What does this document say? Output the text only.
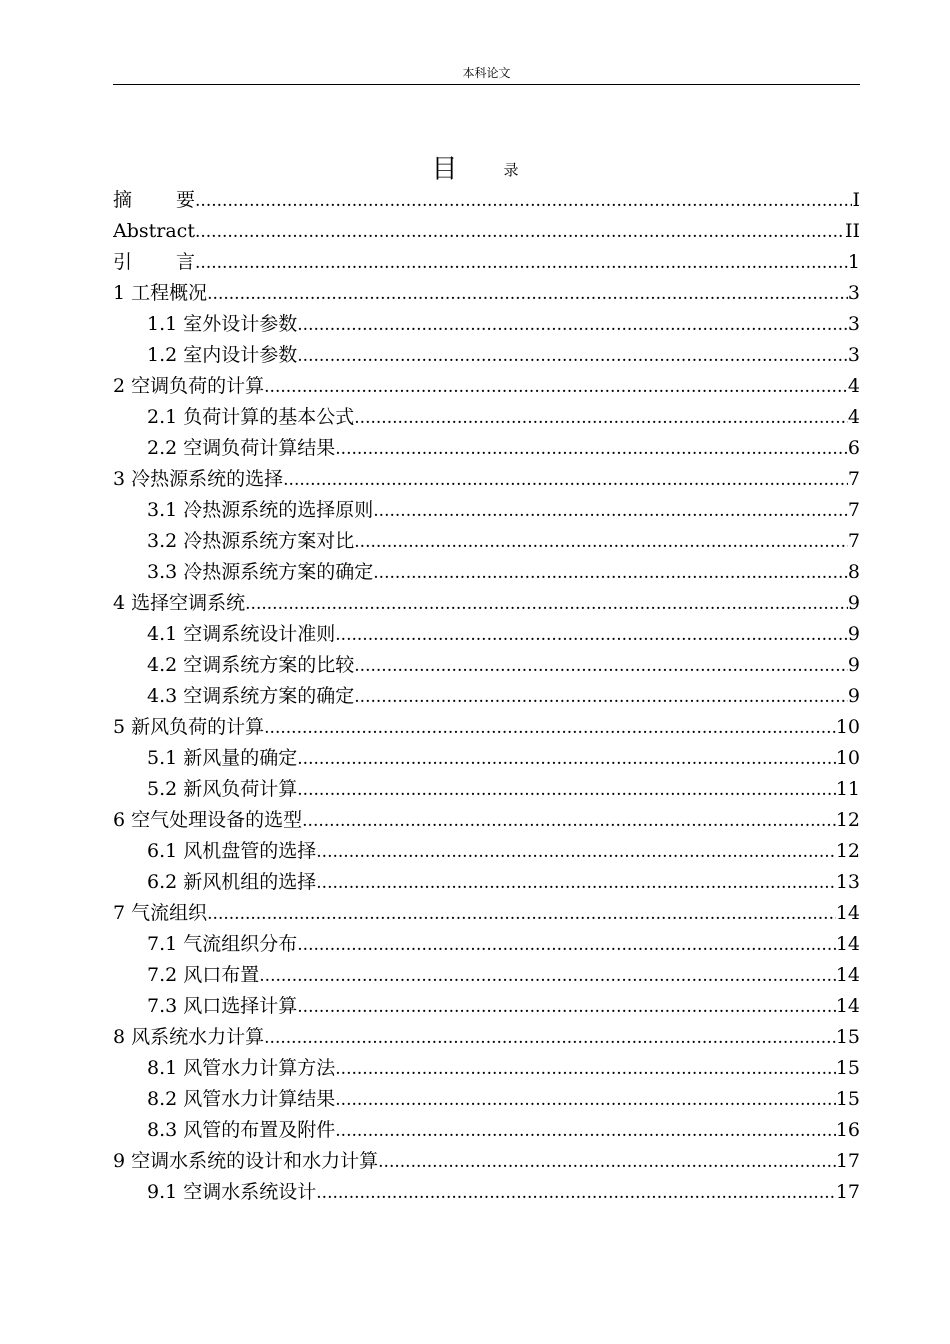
本科论文
目	录
摘要 .....	I
Abstract .....	II
引言 .....	1
1 工程概况 .....	3
1.1 室外设计参数 .....	3
1.2 室内设计参数 .....	3
2 空调负荷的计算 .....	4
2.1 负荷计算的基本公式 .....	4
2.2 空调负荷计算结果 .....	6
3 冷热源系统的选择 .....	7
3.1 冷热源系统的选择原则 .....	7
3.2 冷热源系统方案对比 .....	7
3.3 冷热源系统方案的确定 .....	8
4 选择空调系统 .....	9
4.1 空调系统设计准则 .....	9
4.2 空调系统方案的比较 .....	9
4.3 空调系统方案的确定 .....	9
5 新风负荷的计算 .....	10
5.1 新风量的确定 .....	10
5.2 新风负荷计算 .....	11
6 空气处理设备的选型 .....	12
6.1 风机盘管的选择 .....	12
6.2 新风机组的选择 .....	13
7 气流组织 .....	14
7.1 气流组织分布 .....	14
7.2 风口布置 .....	14
7.3 风口选择计算 .....	14
8 风系统水力计算 .....	15
8.1 风管水力计算方法 .....	15
8.2 风管水力计算结果 .....	15
8.3 风管的布置及附件 .....	16
9 空调水系统的设计和水力计算 .....	17
9.1 空调水系统设计 .....	17
